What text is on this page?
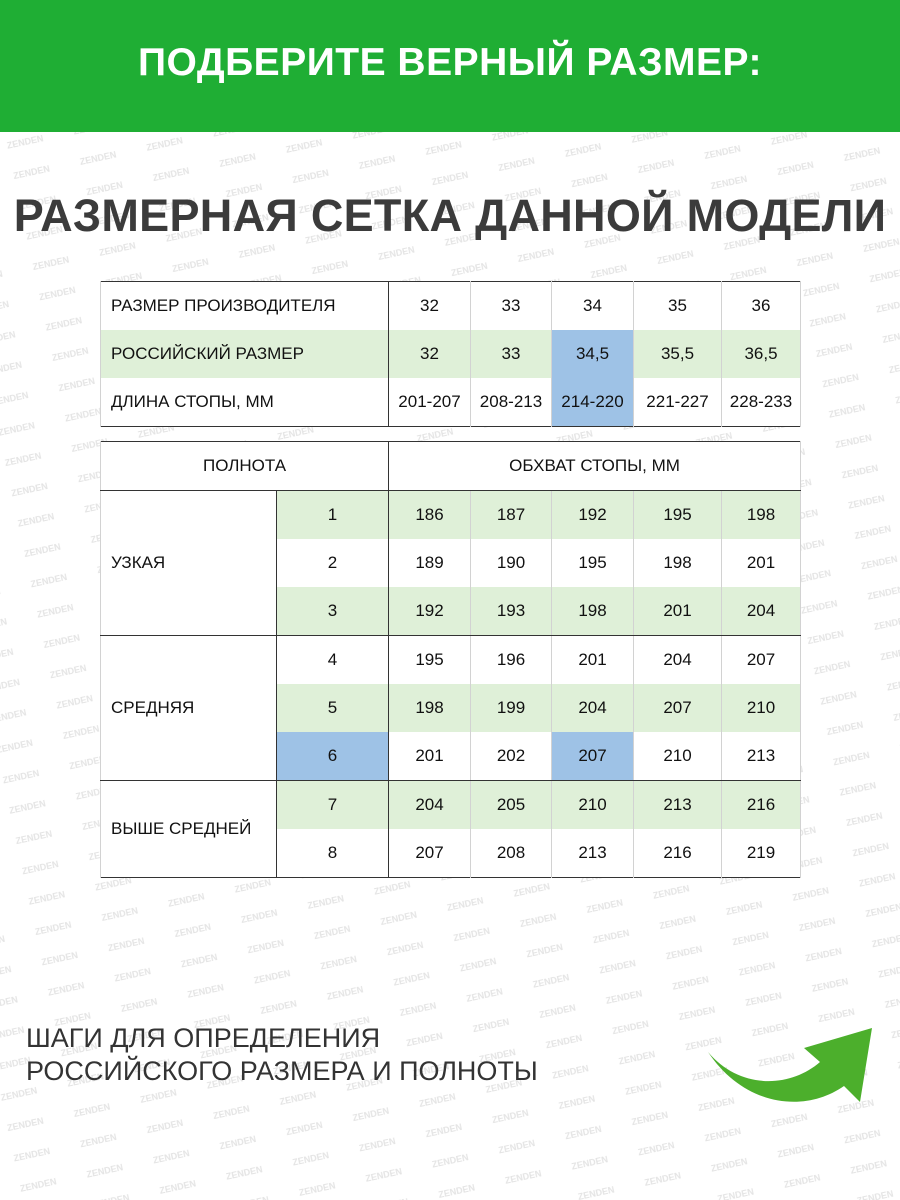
ПОДБЕРИТЕ ВЕРНЫЙ РАЗМЕР:
РАЗМЕРНАЯ СЕТКА ДАННОЙ МОДЕЛИ
РАЗМЕР ПРОИЗВОДИТЕЛЯ	32	33	34	35	36
РОССИЙСКИЙ РАЗМЕР	32	33	34,5	35,5	36,5
ДЛИНА СТОПЫ, ММ	201-207	208-213	214-220	221-227	228-233
ПОЛНОТА		ОБХВАТ СТОПЫ, ММ				
УЗКАЯ	1	186	187	192	195	198
	2	189	190	195	198	201
	3	192	193	198	201	204
СРЕДНЯЯ	4	195	196	201	204	207
	5	198	199	204	207	210
	6	201	202	207	210	213
ВЫШЕ СРЕДНЕЙ	7	204	205	210	213	216
	8	207	208	213	216	219
ШАГИ ДЛЯ ОПРЕДЕЛЕНИЯ
РОССИЙСКОГО РАЗМЕРА И ПОЛНОТЫ
